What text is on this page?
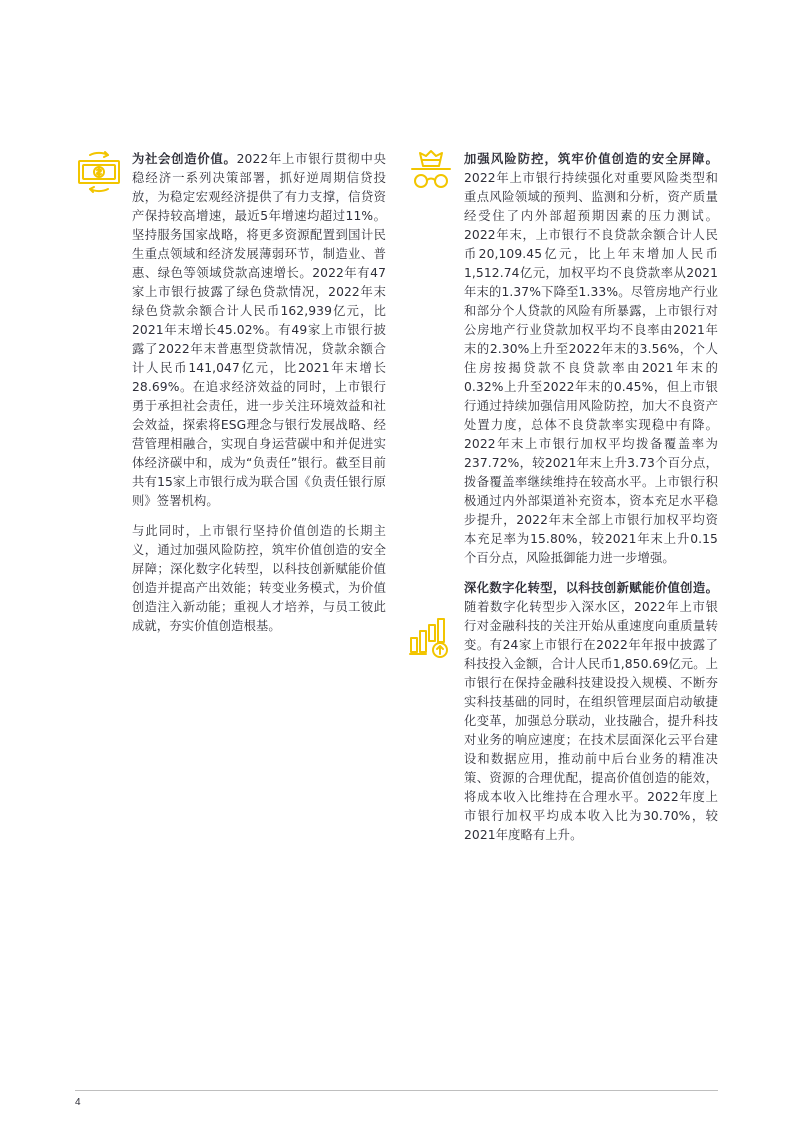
为社会创造价值。2022年上市银行贯彻中央稳经济一系列决策部署，抓好逆周期信贷投放，为稳定宏观经济提供了有力支撑，信贷资产保持较高增速，最近5年增速均超过11%。坚持服务国家战略，将更多资源配置到国计民生重点领域和经济发展薄弱环节，制造业、普惠、绿色等领域贷款高速增长。2022年有47家上市银行披露了绿色贷款情况，2022年末绿色贷款余额合计人民币162,939亿元，比2021年末增长45.02%。有49家上市银行披露了2022年末普惠型贷款情况，贷款余额合计人民币141,047亿元，比2021年末增长28.69%。在追求经济效益的同时，上市银行勇于承担社会责任，进一步关注环境效益和社会效益，探索将ESG理念与银行发展战略、经营管理相融合，实现自身运营碳中和并促进实体经济碳中和，成为“负责任”银行。截至目前共有15家上市银行成为联合国《负责任银行原则》签署机构。

与此同时，上市银行坚持价值创造的长期主义，通过加强风险防控，筑牢价值创造的安全屏障；深化数字化转型，以科技创新赋能价值创造并提高产出效能；转变业务模式，为价值创造注入新动能；重视人才培养，与员工彼此成就，夯实价值创造根基。

加强风险防控，筑牢价值创造的安全屏障。2022年上市银行持续强化对重要风险类型和重点风险领域的预判、监测和分析，资产质量经受住了内外部超预期因素的压力测试。2022年末，上市银行不良贷款余额合计人民币20,109.45亿元，比上年末增加人民币1,512.74亿元，加权平均不良贷款率从2021年末的1.37%下降至1.33%。尽管房地产行业和部分个人贷款的风险有所暴露，上市银行对公房地产行业贷款加权平均不良率由2021年末的2.30%上升至2022年末的3.56%，个人住房按揭贷款不良贷款率由2021年末的0.32%上升至2022年末的0.45%，但上市银行通过持续加强信用风险防控，加大不良资产处置力度，总体不良贷款率实现稳中有降。2022年末上市银行加权平均拨备覆盖率为237.72%，较2021年末上升3.73个百分点，拨备覆盖率继续维持在较高水平。上市银行积极通过内外部渠道补充资本，资本充足水平稳步提升，2022年末全部上市银行加权平均资本充足率为15.80%，较2021年末上升0.15个百分点，风险抵御能力进一步增强。

深化数字化转型，以科技创新赋能价值创造。随着数字化转型步入深水区，2022年上市银行对金融科技的关注开始从重速度向重质量转变。有24家上市银行在2022年年报中披露了科技投入金额，合计人民币1,850.69亿元。上市银行在保持金融科技建设投入规模、不断夯实科技基础的同时，在组织管理层面启动敏捷化变革，加强总分联动，业技融合，提升科技对业务的响应速度；在技术层面深化云平台建设和数据应用，推动前中后台业务的精准决策、资源的合理优配，提高价值创造的能效，将成本收入比维持在合理水平。2022年度上市银行加权平均成本收入比为30.70%，较2021年度略有上升。

4
